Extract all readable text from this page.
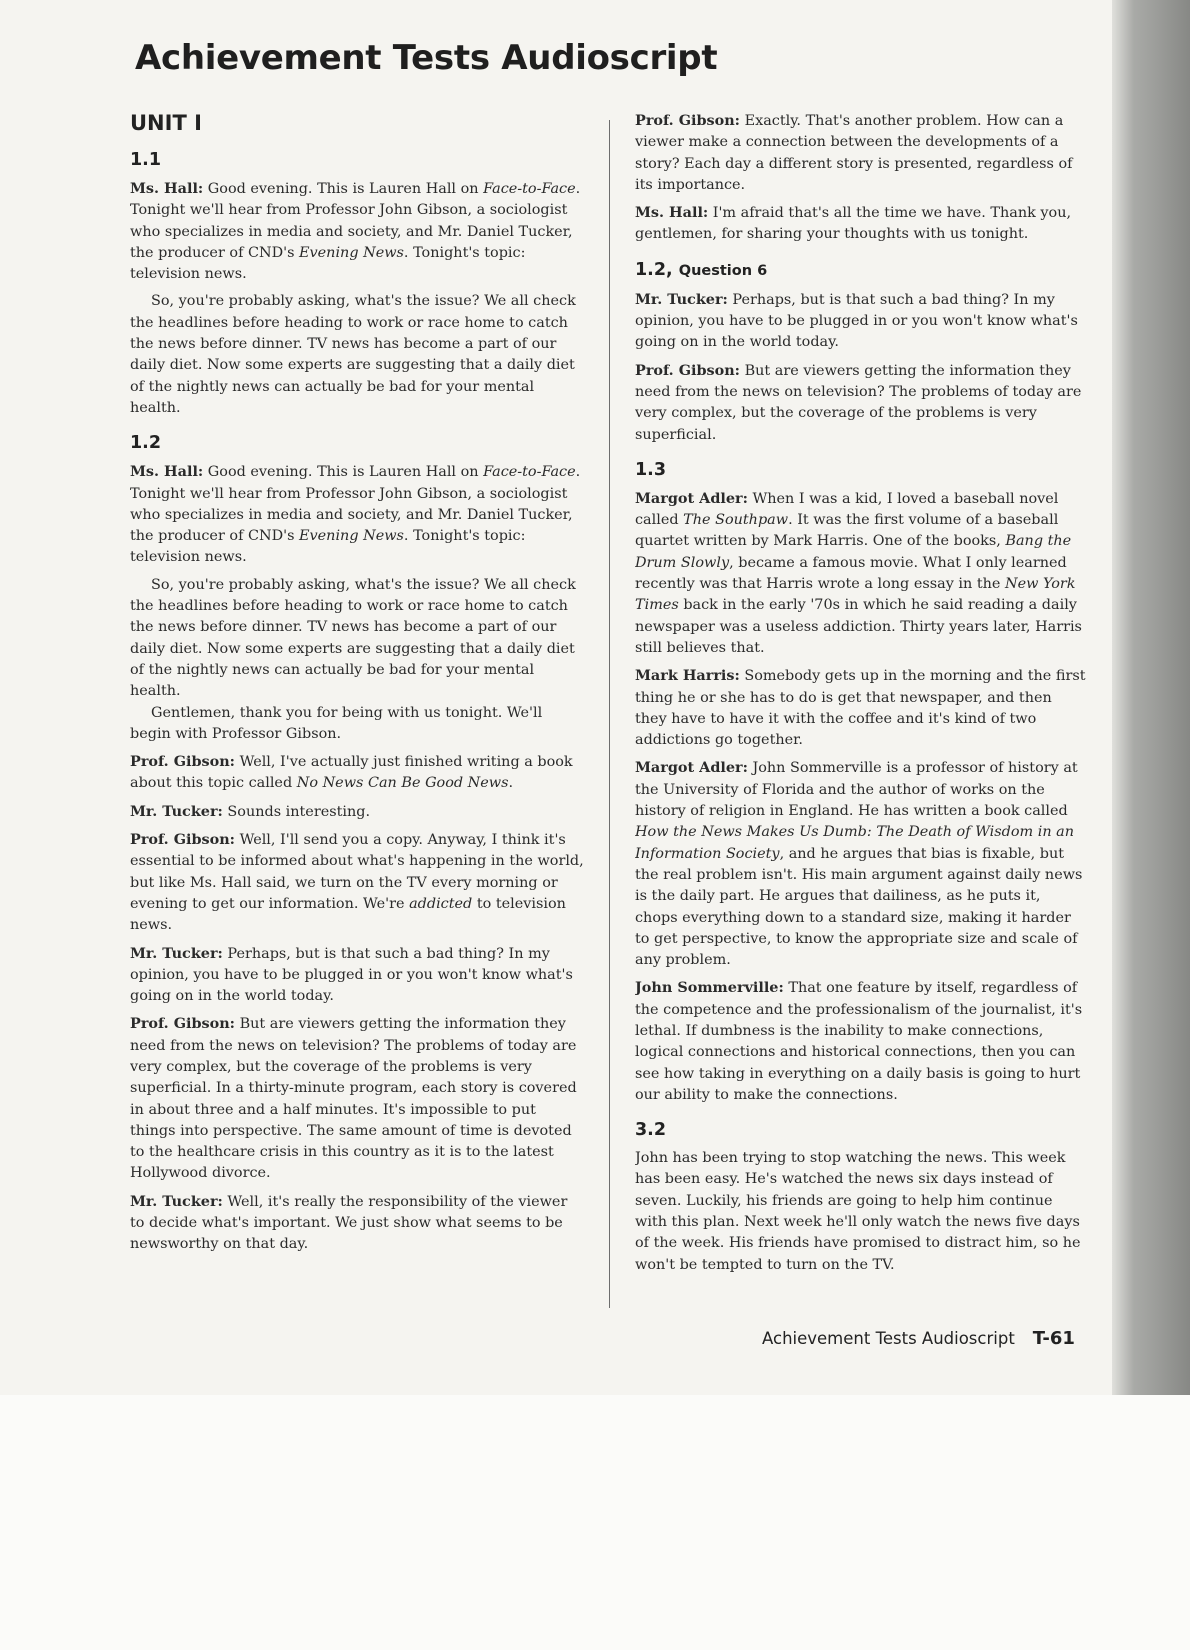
Achievement Tests Audioscript
UNIT I
1.1

Ms. Hall: Good evening. This is Lauren Hall on Face-to-Face. Tonight we'll hear from Professor John Gibson, a sociologist who specializes in media and society, and Mr. Daniel Tucker, the producer of CND's Evening News. Tonight's topic: television news.

So, you're probably asking, what's the issue? We all check the headlines before heading to work or race home to catch the news before dinner. TV news has become a part of our daily diet. Now some experts are suggesting that a daily diet of the nightly news can actually be bad for your mental health.

1.2

Ms. Hall: Good evening. This is Lauren Hall on Face-to-Face. Tonight we'll hear from Professor John Gibson, a sociologist who specializes in media and society, and Mr. Daniel Tucker, the producer of CND's Evening News. Tonight's topic: television news.

So, you're probably asking, what's the issue? We all check the headlines before heading to work or race home to catch the news before dinner. TV news has become a part of our daily diet. Now some experts are suggesting that a daily diet of the nightly news can actually be bad for your mental health.

Gentlemen, thank you for being with us tonight. We'll begin with Professor Gibson.

Prof. Gibson: Well, I've actually just finished writing a book about this topic called No News Can Be Good News.

Mr. Tucker: Sounds interesting.

Prof. Gibson: Well, I'll send you a copy. Anyway, I think it's essential to be informed about what's happening in the world, but like Ms. Hall said, we turn on the TV every morning or evening to get our information. We're addicted to television news.

Mr. Tucker: Perhaps, but is that such a bad thing? In my opinion, you have to be plugged in or you won't know what's going on in the world today.

Prof. Gibson: But are viewers getting the information they need from the news on television? The problems of today are very complex, but the coverage of the problems is very superficial. In a thirty-minute program, each story is covered in about three and a half minutes. It's impossible to put things into perspective. The same amount of time is devoted to the healthcare crisis in this country as it is to the latest Hollywood divorce.

Mr. Tucker: Well, it's really the responsibility of the viewer to decide what's important. We just show what seems to be newsworthy on that day.

Prof. Gibson: Exactly. That's another problem. How can a viewer make a connection between the developments of a story? Each day a different story is presented, regardless of its importance.

Ms. Hall: I'm afraid that's all the time we have. Thank you, gentlemen, for sharing your thoughts with us tonight.

1.2, Question 6

Mr. Tucker: Perhaps, but is that such a bad thing? In my opinion, you have to be plugged in or you won't know what's going on in the world today.

Prof. Gibson: But are viewers getting the information they need from the news on television? The problems of today are very complex, but the coverage of the problems is very superficial.

1.3

Margot Adler: When I was a kid, I loved a baseball novel called The Southpaw. It was the first volume of a baseball quartet written by Mark Harris. One of the books, Bang the Drum Slowly, became a famous movie. What I only learned recently was that Harris wrote a long essay in the New York Times back in the early '70s in which he said reading a daily newspaper was a useless addiction. Thirty years later, Harris still believes that.

Mark Harris: Somebody gets up in the morning and the first thing he or she has to do is get that newspaper, and then they have to have it with the coffee and it's kind of two addictions go together.

Margot Adler: John Sommerville is a professor of history at the University of Florida and the author of works on the history of religion in England. He has written a book called How the News Makes Us Dumb: The Death of Wisdom in an Information Society, and he argues that bias is fixable, but the real problem isn't. His main argument against daily news is the daily part. He argues that dailiness, as he puts it, chops everything down to a standard size, making it harder to get perspective, to know the appropriate size and scale of any problem.

John Sommerville: That one feature by itself, regardless of the competence and the professionalism of the journalist, it's lethal. If dumbness is the inability to make connections, logical connections and historical connections, then you can see how taking in everything on a daily basis is going to hurt our ability to make the connections.

3.2

John has been trying to stop watching the news. This week has been easy. He's watched the news six days instead of seven. Luckily, his friends are going to help him continue with this plan. Next week he'll only watch the news five days of the week. His friends have promised to distract him, so he won't be tempted to turn on the TV.

Achievement Tests Audioscript T-61
